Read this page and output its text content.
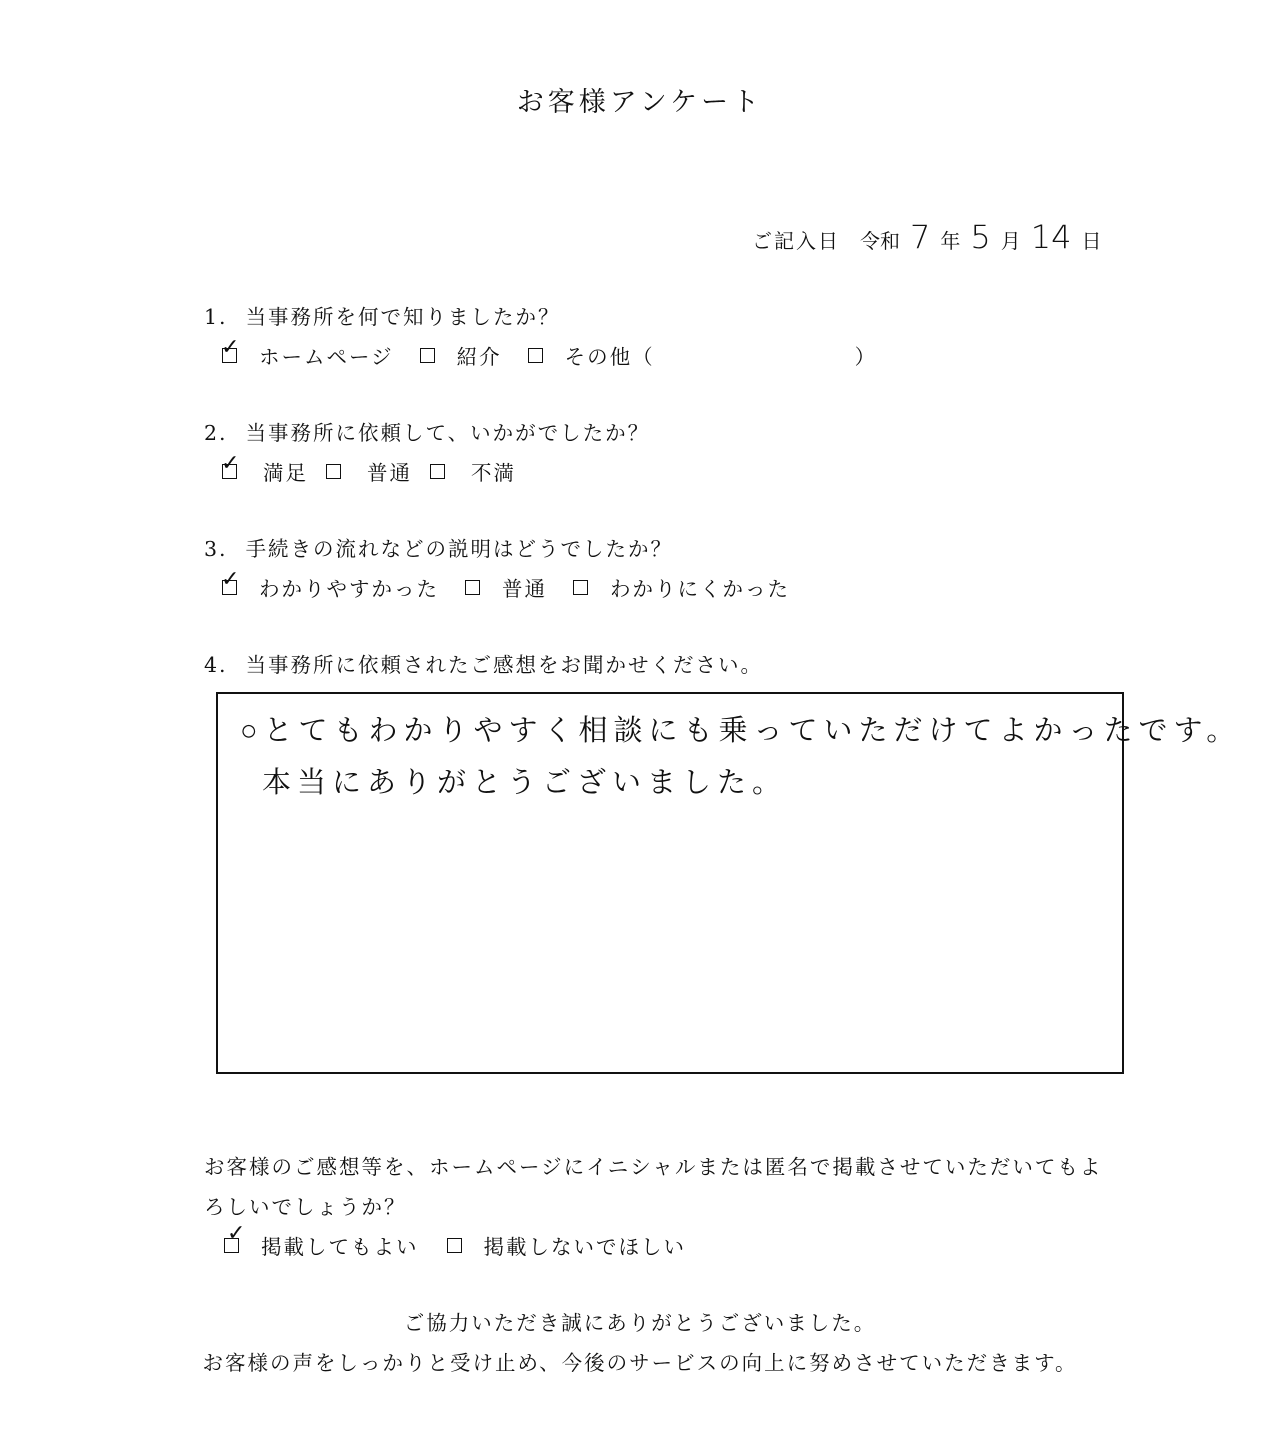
お客様アンケート
ご記入日 令和 7 年 5 月 14 日
1. 当事務所を何で知りましたか？
✓ ホームページ	紹介	その他（	）
2. 当事務所に依頼して、いかがでしたか？
✓ 満足	普通	不満
3. 手続きの流れなどの説明はどうでしたか？
✓ わかりやすかった	普通	わかりにくかった
4. 当事務所に依頼されたご感想をお聞かせください。
○とてもわかりやすく相談にも乗っていただけてよかったです。
本当にありがとうございました。
お客様のご感想等を、ホームページにイニシャルまたは匿名で掲載させていただいてもよ
ろしいでしょうか？
✓
掲載してもよい	掲載しないでほしい
ご協力いただき誠にありがとうございました。
お客様の声をしっかりと受け止め、今後のサービスの向上に努めさせていただきます。
